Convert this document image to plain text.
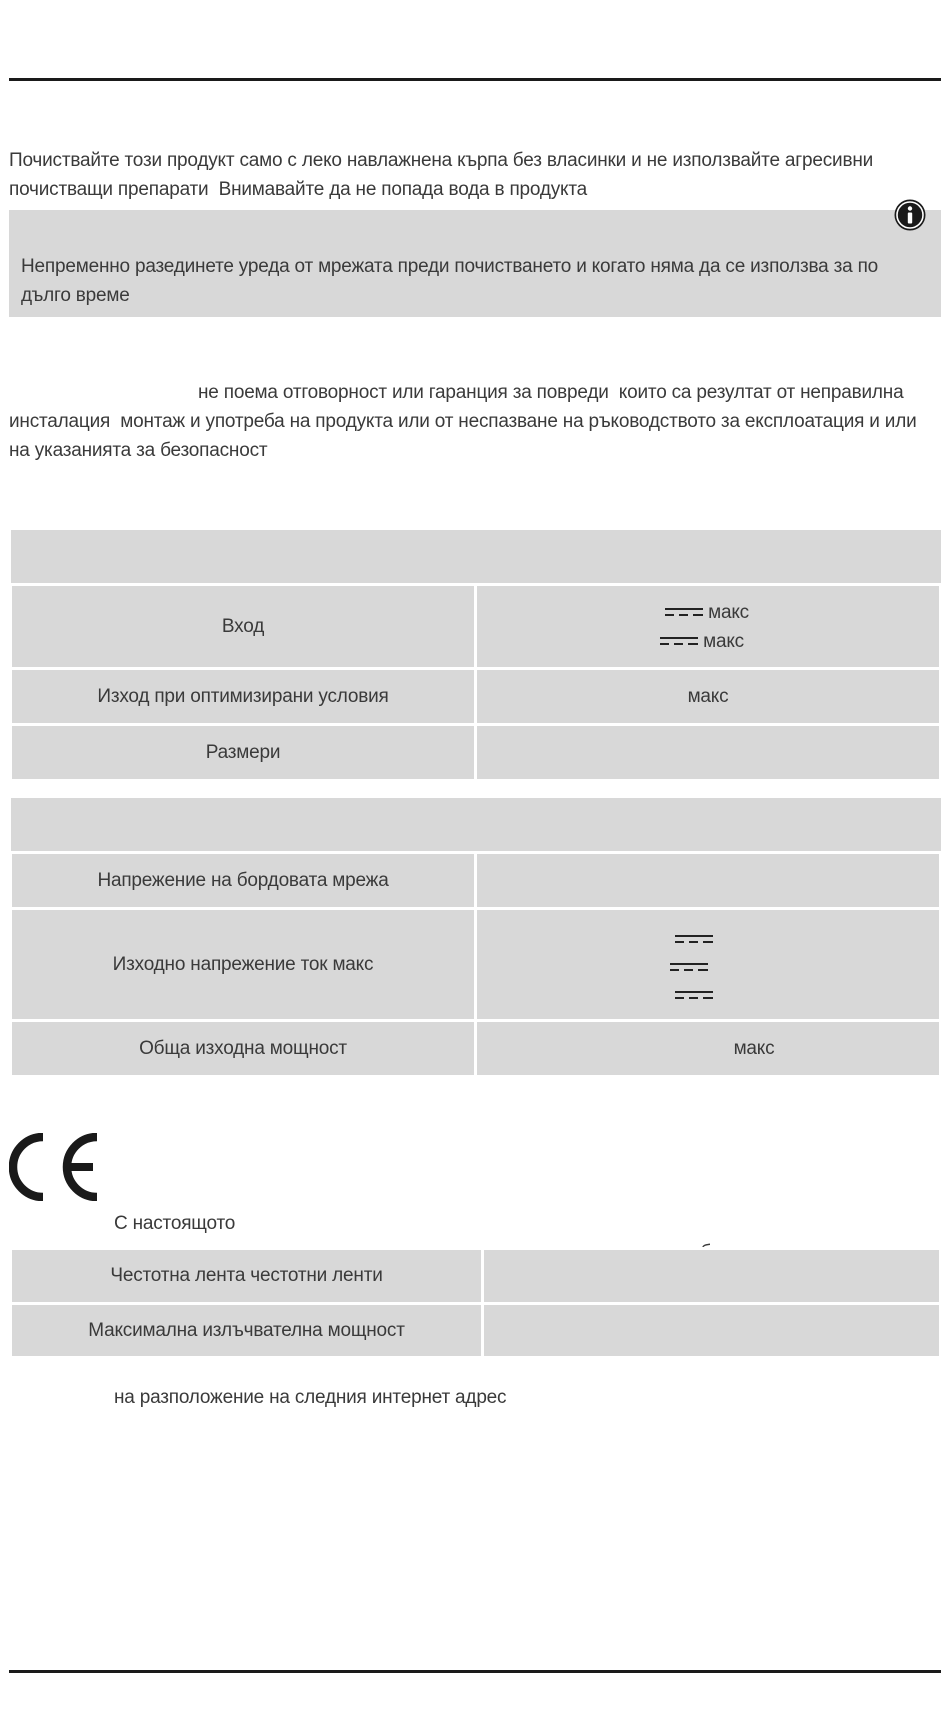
Почиствайте този продукт само с леко навлажнена кърпа без власинки и не използвайте агресивни почистващи препарати  Внимавайте да не попада вода в продукта

Непременно разединете уреда от мрежата преди почистването и когато няма да се използва за по дълго време

не поема отговорност или гаранция за повреди  които са резултат от неправилна инсталация  монтаж и употреба на продукта или от неспазване на ръководството за експлоатация и или на указанията за безопасност

Вход	макс
макс

Изход при оптимизирани условия	макс
Размери	

Напрежение на бордовата мрежа	
Изходно напрежение ток макс	

Обща изходна мощност	макс

С настоящото

на разположение на следния интернет адрес

Честотна лента честотни ленти	
Максимална излъчвателна мощност	
